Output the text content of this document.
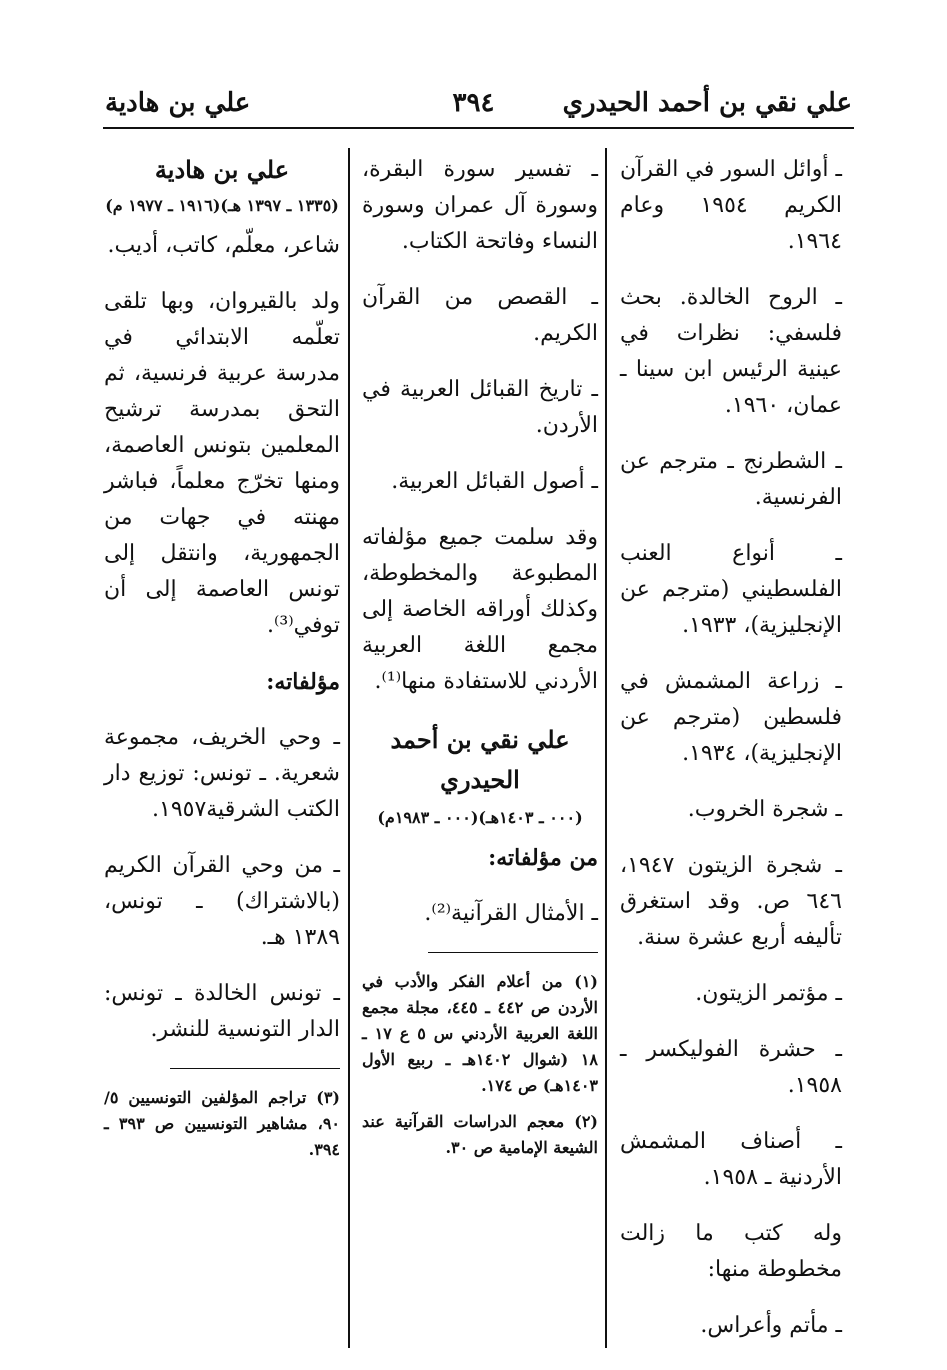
علي نقي بن أحمد الحيدري
٣٩٤
علي بن هادية

ـ أوائل السور في القرآن الكريم ١٩٥٤ وعام ١٩٦٤.

ـ الروح الخالدة. بحث فلسفي: نظرات في عينية الرئيس ابن سينا ـ عمان، ١٩٦٠.

ـ الشطرنج ـ مترجم عن الفرنسية.

ـ أنواع العنب الفلسطيني (مترجم عن الإنجليزية)، ١٩٣٣.

ـ زراعة المشمش في فلسطين (مترجم عن الإنجليزية)، ١٩٣٤.

ـ شجرة الخروب.

ـ شجرة الزيتون ١٩٤٧، ٦٤٦ ص. وقد استغرق تأليفه أربع عشرة سنة.

ـ مؤتمر الزيتون.

ـ حشرة الفوليكسر ـ ١٩٥٨.

ـ أصناف المشمش الأردنية ـ ١٩٥٨.

وله كتب ما زالت مخطوطة منها:

ـ مأتم وأعراس.

ـ تفسير سورة البقرة، وسورة آل عمران وسورة النساء وفاتحة الكتاب.

ـ القصص من القرآن الكريم.

ـ تاريخ القبائل العربية في الأردن.

ـ أصول القبائل العربية.

وقد سلمت جميع مؤلفاته المطبوعة والمخطوطة، وكذلك أوراقه الخاصة إلى مجمع اللغة العربية الأردني للاستفادة منها⁽¹⁾.

علي نقي بن أحمد الحيدري
(٠٠٠ ـ ١٤٠٣هـ)(٠٠٠ ـ ١٩٨٣م)
من مؤلفاته:

ـ الأمثال القرآنية⁽²⁾.

(١) من أعلام الفكر والأدب في الأردن ص ٤٤٢ ـ ٤٤٥، مجلة مجمع اللغة العربية الأردني س ٥ ع ١٧ ـ ١٨ (شوال ١٤٠٢هـ ـ ربيع الأول ١٤٠٣هـ) ص ١٧٤.
(٢) معجم الدراسات القرآنية عند الشيعة الإمامية ص ٣٠.
علي بن هادية
(١٣٣٥ ـ ١٣٩٧ هـ)(١٩١٦ ـ ١٩٧٧ م)

شاعر، معلّم، كاتب، أديب.

ولد بالقيروان، وبها تلقى تعلّمه الابتدائي في مدرسة عربية فرنسية، ثم التحق بمدرسة ترشيح المعلمين بتونس العاصمة، ومنها تخرّج معلماً، فباشر مهنته في جهات من الجمهورية، وانتقل إلى تونس العاصمة إلى أن توفي⁽³⁾.

مؤلفاته:

ـ وحي الخريف، مجموعة شعرية. ـ تونس: توزيع دار الكتب الشرقية١٩٥٧.

ـ من وحي القرآن الكريم (بالاشتراك) ـ تونس، ١٣٨٩ هـ.

ـ تونس الخالدة ـ تونس: الدار التونسية للنشر.

(٣) تراجم المؤلفين التونسيين ٥/ ٩٠، مشاهير التونسيين ص ٣٩٣ ـ ٣٩٤.
